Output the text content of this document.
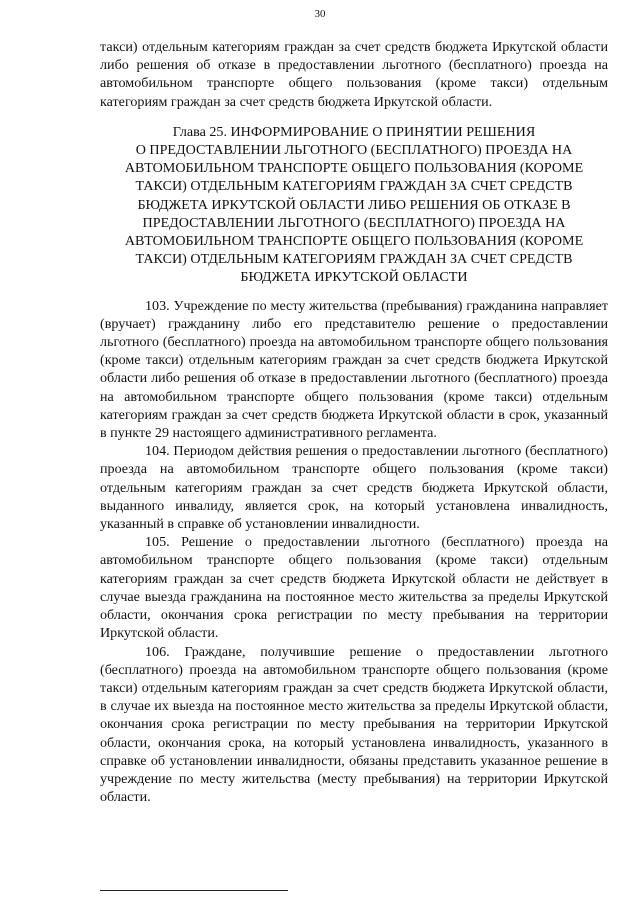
30

такси) отдельным категориям граждан за счет средств бюджета Иркутской области либо решения об отказе в предоставлении льготного (бесплатного) проезда на автомобильном транспорте общего пользования (кроме такси) отдельным категориям граждан за счет средств бюджета Иркутской области.

Глава 25. ИНФОРМИРОВАНИЕ О ПРИНЯТИИ РЕШЕНИЯ
О ПРЕДОСТАВЛЕНИИ ЛЬГОТНОГО (БЕСПЛАТНОГО) ПРОЕЗДА НА
АВТОМОБИЛЬНОМ ТРАНСПОРТЕ ОБЩЕГО ПОЛЬЗОВАНИЯ (КОРОМЕ
ТАКСИ) ОТДЕЛЬНЫМ КАТЕГОРИЯМ ГРАЖДАН ЗА СЧЕТ СРЕДСТВ
БЮДЖЕТА ИРКУТСКОЙ ОБЛАСТИ ЛИБО РЕШЕНИЯ ОБ ОТКАЗЕ В
ПРЕДОСТАВЛЕНИИ ЛЬГОТНОГО (БЕСПЛАТНОГО) ПРОЕЗДА НА
АВТОМОБИЛЬНОМ ТРАНСПОРТЕ ОБЩЕГО ПОЛЬЗОВАНИЯ (КОРОМЕ
ТАКСИ) ОТДЕЛЬНЫМ КАТЕГОРИЯМ ГРАЖДАН ЗА СЧЕТ СРЕДСТВ
БЮДЖЕТА ИРКУТСКОЙ ОБЛАСТИ

103. Учреждение по месту жительства (пребывания) гражданина направляет (вручает) гражданину либо его представителю решение о предоставлении льготного (бесплатного) проезда на автомобильном транспорте общего пользования (кроме такси) отдельным категориям граждан за счет средств бюджета Иркутской области либо решения об отказе в предоставлении льготного (бесплатного) проезда на автомобильном транспорте общего пользования (кроме такси) отдельным категориям граждан за счет средств бюджета Иркутской области в срок, указанный в пункте 29 настоящего административного регламента.

104. Периодом действия решения о предоставлении льготного (бесплатного) проезда на автомобильном транспорте общего пользования (кроме такси) отдельным категориям граждан за счет средств бюджета Иркутской области, выданного инвалиду, является срок, на который установлена инвалидность, указанный в справке об установлении инвалидности.

105. Решение о предоставлении льготного (бесплатного) проезда на автомобильном транспорте общего пользования (кроме такси) отдельным категориям граждан за счет средств бюджета Иркутской области не действует в случае выезда гражданина на постоянное место жительства за пределы Иркутской области, окончания срока регистрации по месту пребывания на территории Иркутской области.

106. Граждане, получившие решение о предоставлении льготного (бесплатного) проезда на автомобильном транспорте общего пользования (кроме такси) отдельным категориям граждан за счет средств бюджета Иркутской области, в случае их выезда на постоянное место жительства за пределы Иркутской области, окончания срока регистрации по месту пребывания на территории Иркутской области, окончания срока, на который установлена инвалидность, указанного в справке об установлении инвалидности, обязаны представить указанное решение в учреждение по месту жительства (месту пребывания) на территории Иркутской области.
